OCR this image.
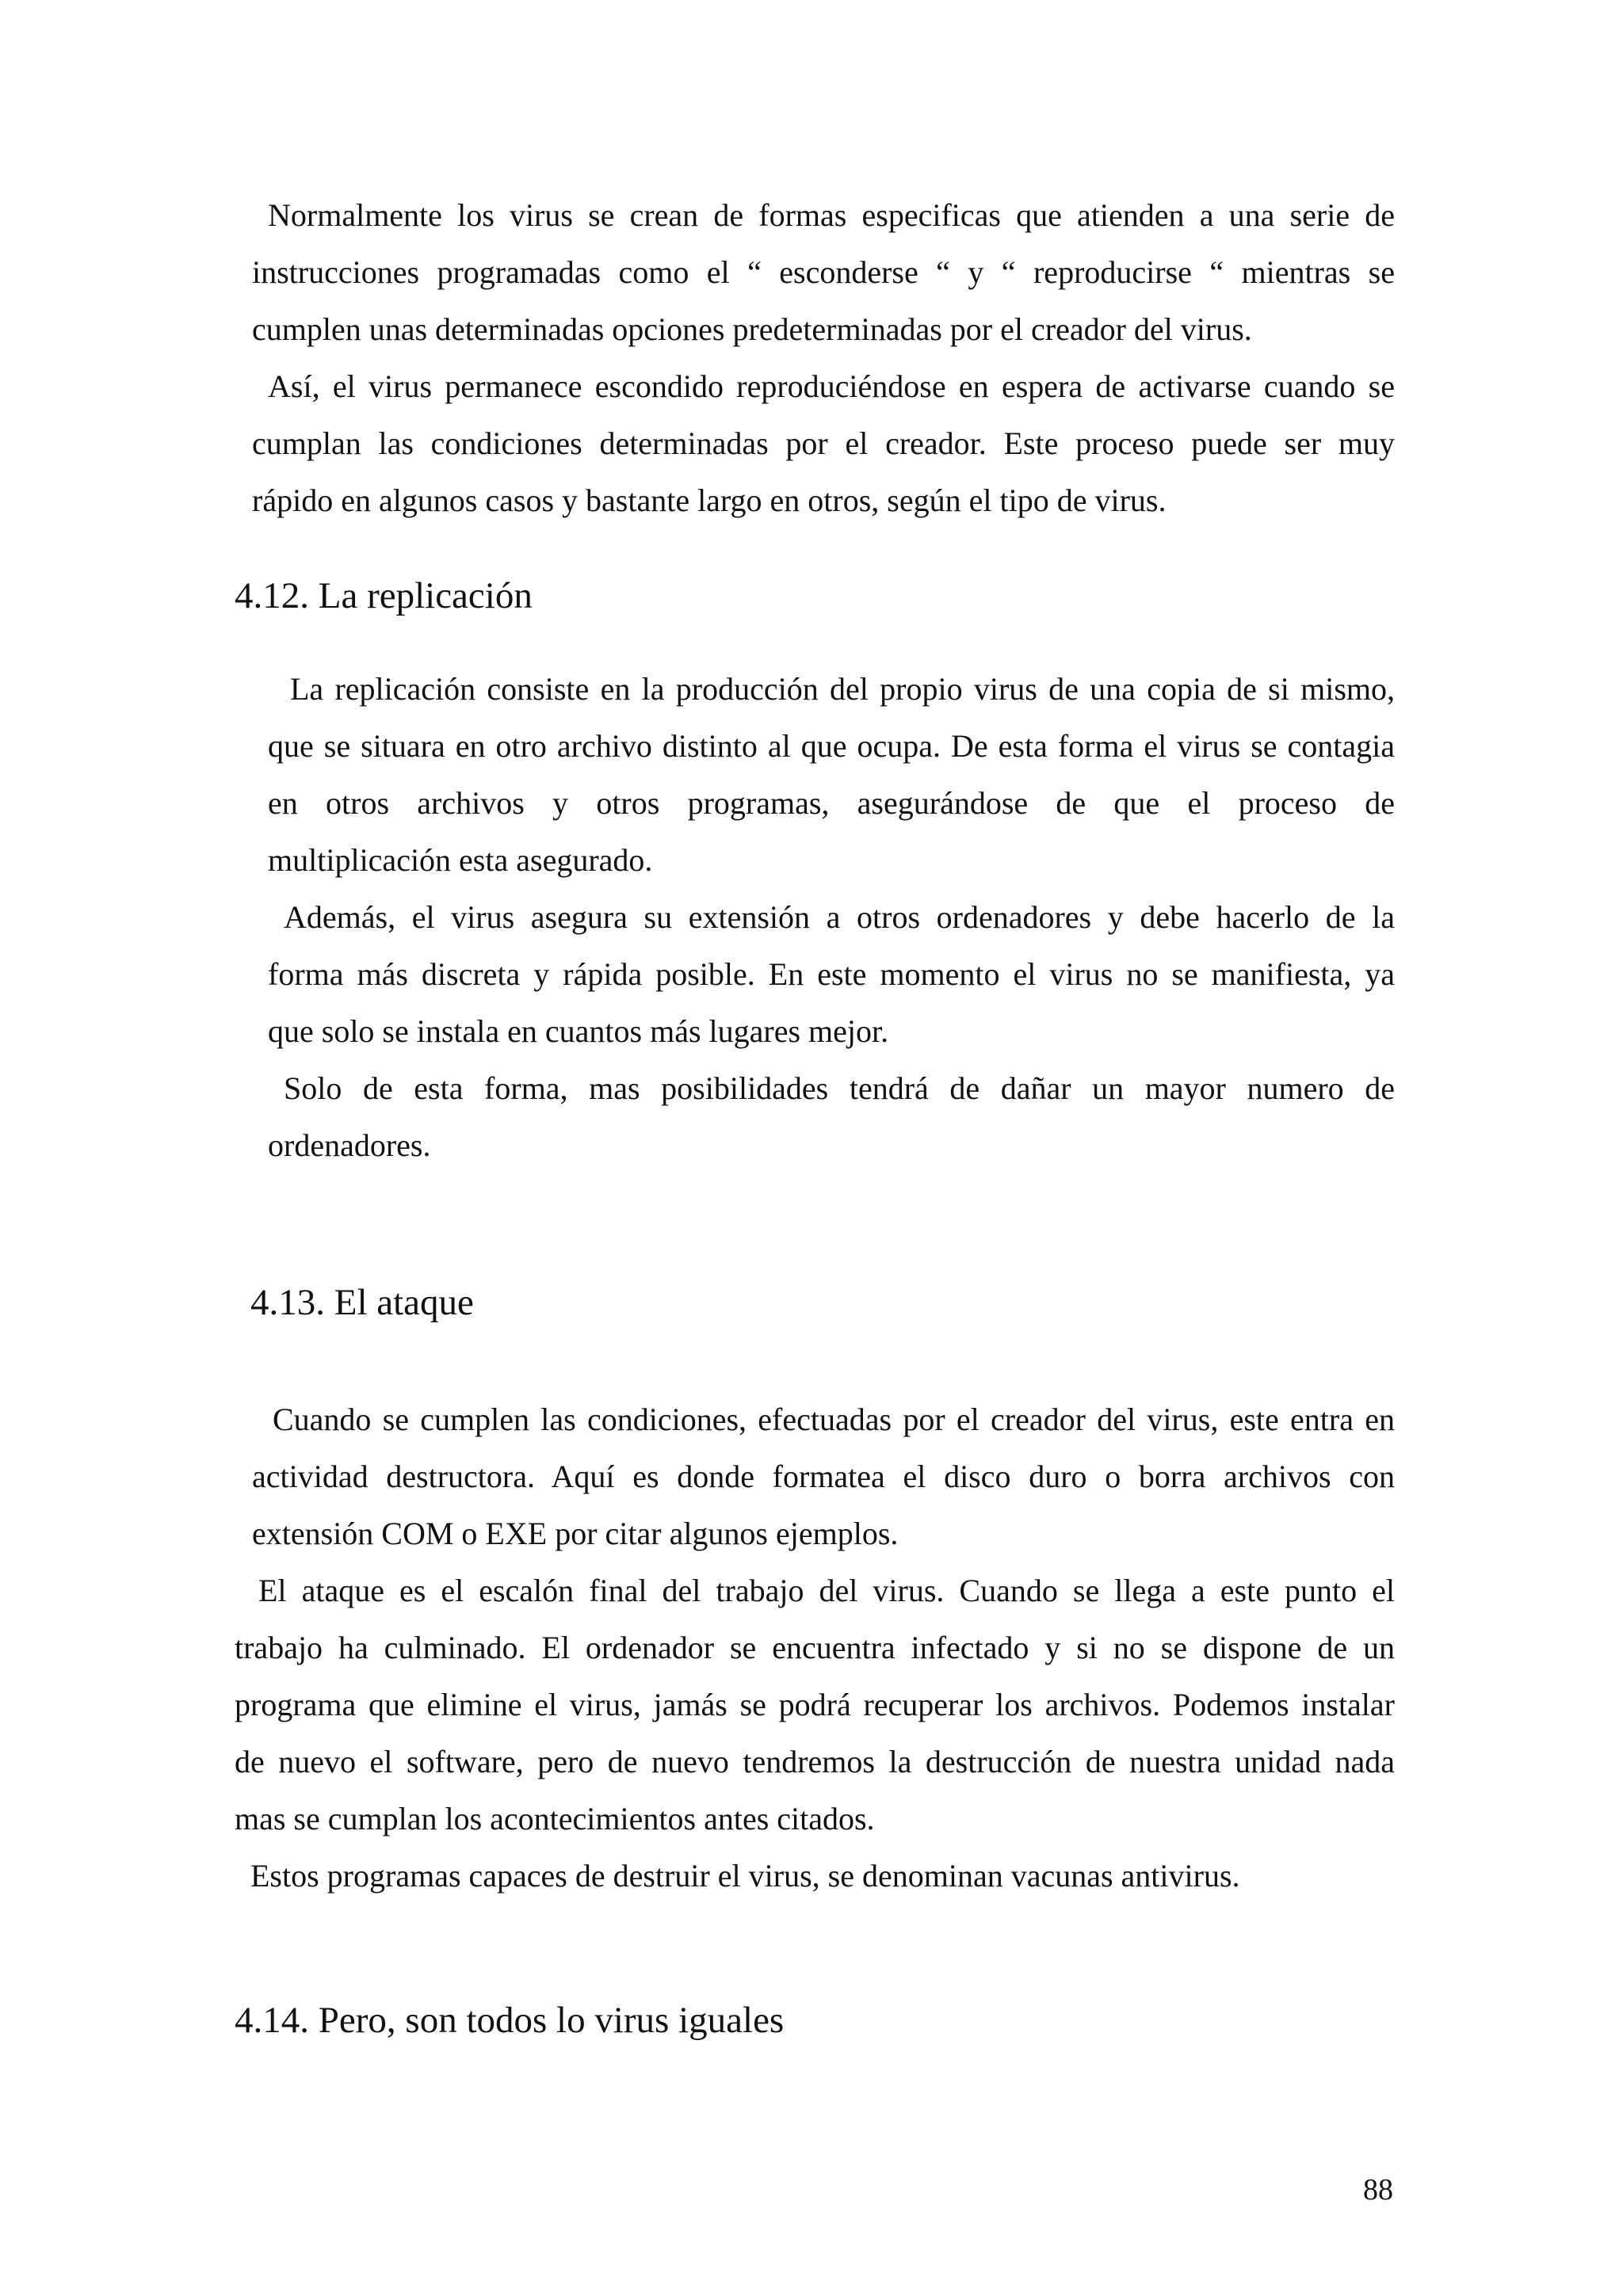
Normalmente los virus se crean de formas especificas que atienden a una serie de
instrucciones programadas como el “ esconderse “ y “ reproducirse “ mientras se
cumplen unas determinadas opciones predeterminadas por el creador del virus.
Así, el virus permanece escondido reproduciéndose en espera de activarse cuando se
cumplan las condiciones determinadas por el creador. Este proceso puede ser muy
rápido en algunos casos y bastante largo en otros, según el tipo de virus.
4.12. La replicación
La replicación consiste en la producción del propio virus de una copia de si mismo,
que se situara en otro archivo distinto al que ocupa. De esta forma el virus se contagia
en otros archivos y otros programas, asegurándose de que el proceso de
multiplicación esta asegurado.
Además, el virus asegura su extensión a otros ordenadores y debe hacerlo de la
forma más discreta y rápida posible. En este momento el virus no se manifiesta, ya
que solo se instala en cuantos más lugares mejor.
Solo de esta forma, mas posibilidades tendrá de dañar un mayor numero de
ordenadores.
4.13. El ataque
Cuando se cumplen las condiciones, efectuadas por el creador del virus, este entra en
actividad destructora. Aquí es donde formatea el disco duro o borra archivos con
extensión COM o EXE por citar algunos ejemplos.
El ataque es el escalón final del trabajo del virus. Cuando se llega a este punto el
trabajo ha culminado. El ordenador se encuentra infectado y si no se dispone de un
programa que elimine el virus, jamás se podrá recuperar los archivos. Podemos instalar
de nuevo el software, pero de nuevo tendremos la destrucción de nuestra unidad nada
mas se cumplan los acontecimientos antes citados.
Estos programas capaces de destruir el virus, se denominan vacunas antivirus.
4.14. Pero, son todos lo virus iguales
88
